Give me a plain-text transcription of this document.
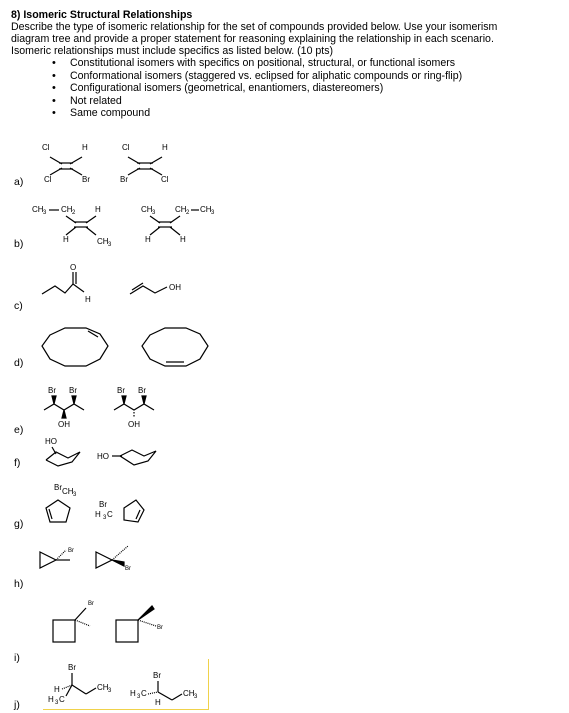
8) Isomeric Structural Relationships
Describe the type of isomeric relationship for the set of compounds provided below. Use your isomerism
diagram tree and provide a proper statement for reasoning explaining the relationship in each scenario.
Isomeric relationships must include specifics as listed below. (10 pts)
• Constitutional isomers with specifics on positional, structural, or functional isomers
• Conformational isomers (staggered vs. eclipsed for aliphatic compounds or ring-flip)
• Configurational isomers (geometrical, enantiomers, diastereomers)
• Not related
• Same compound
a)
b)
c)
d)
e)
f)
g)
h)
i)
j)
Cl	H
Cl	Br
Cl	H
Br	Cl
CH 3 CH 2 H
H	CH 3
CH 3 CH 2 CH 3
H	H
O
H
OH
Br Br
OH
Br Br
OH
HO
HO
Br CH 3
Br
H 3 C
Br
Br
Br
Br
Br
H	CH 3
H 3 C
Br
H 3 C	CH 3
H
